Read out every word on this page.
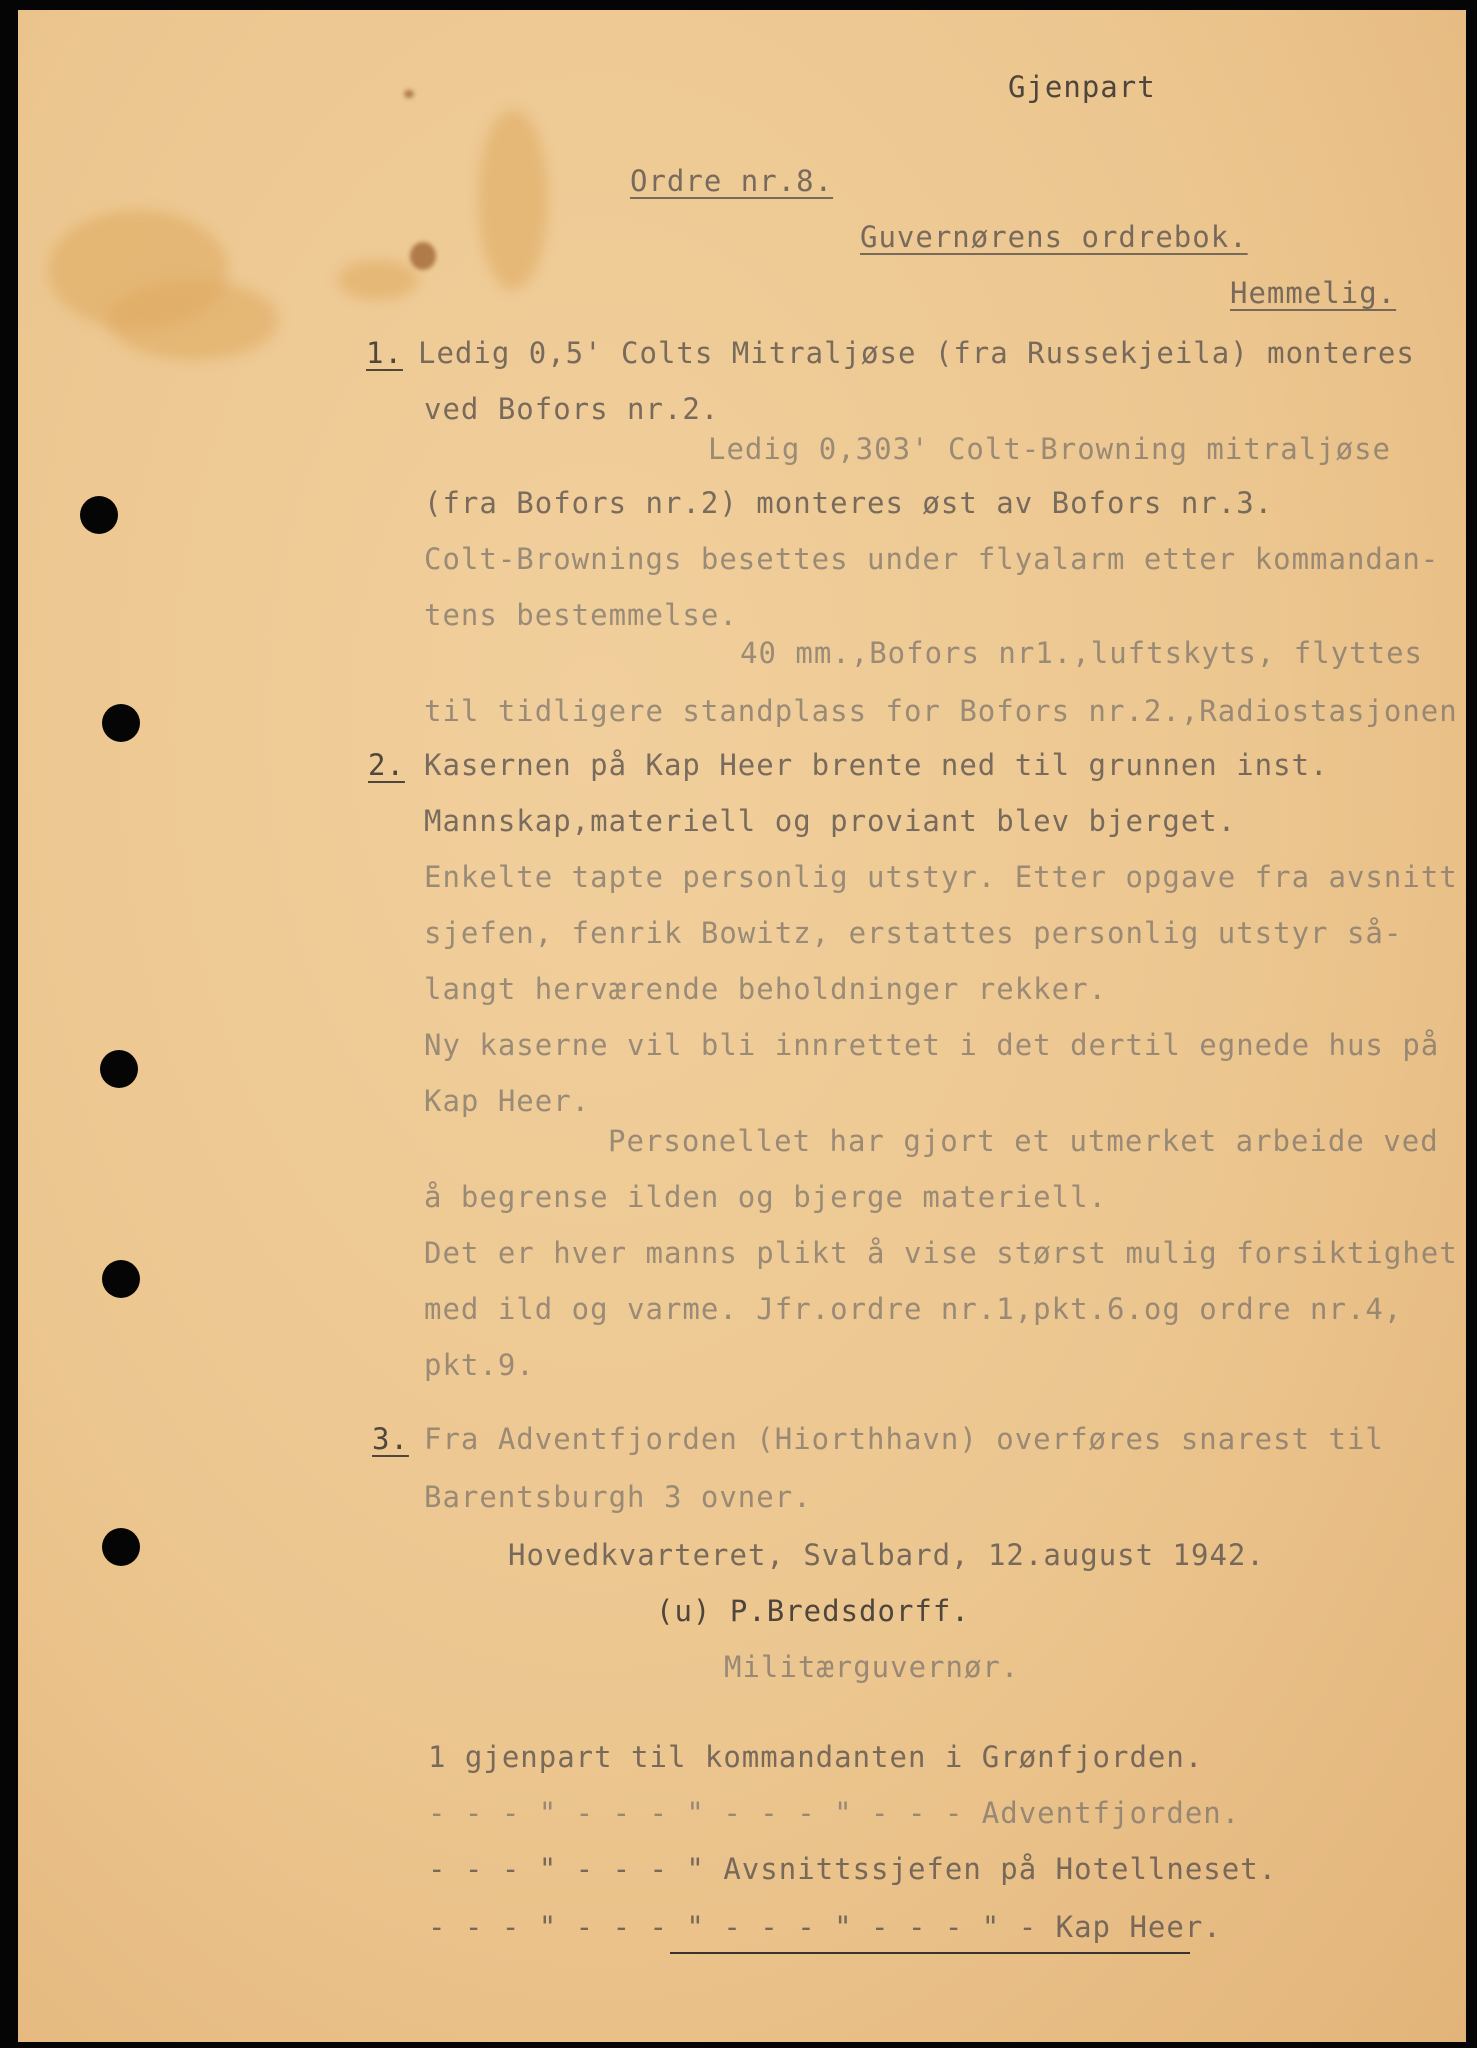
Gjenpart
Ordre nr.8.
Guvernørens ordrebok.
Hemmelig.
1.
2.
3.
Ledig 0,5' Colts Mitraljøse (fra Russekjeila) monteres
ved Bofors nr.2.
Ledig 0,303' Colt-Browning mitraljøse
(fra Bofors nr.2) monteres øst av Bofors nr.3.
Colt-Brownings besettes under flyalarm etter kommandan-
tens bestemmelse.
40 mm.,Bofors nr1.,luftskyts, flyttes
til tidligere standplass for Bofors nr.2.,Radiostasjonen
Kasernen på Kap Heer brente ned til grunnen inst.
Mannskap,materiell og proviant blev bjerget.
Enkelte tapte personlig utstyr. Etter opgave fra avsnitt
sjefen, fenrik Bowitz, erstattes personlig utstyr så-
langt herværende beholdninger rekker.
Ny kaserne vil bli innrettet i det dertil egnede hus på
Kap Heer.
Personellet har gjort et utmerket arbeide ved
å begrense ilden og bjerge materiell.
Det er hver manns plikt å vise størst mulig forsiktighet
med ild og varme. Jfr.ordre nr.1,pkt.6.og ordre nr.4,
pkt.9.
Fra Adventfjorden (Hiorthhavn) overføres snarest til
Barentsburgh 3 ovner.
Hovedkvarteret, Svalbard, 12.august 1942.
(u) P.Bredsdorff.
Militærguvernør.
1 gjenpart til kommandanten i Grønfjorden.
- - - " - - - " - - - " - - - Adventfjorden.
- - - " - - - " Avsnittssjefen på Hotellneset.
- - - " - - - " - - - " - - - " - Kap Heer.
